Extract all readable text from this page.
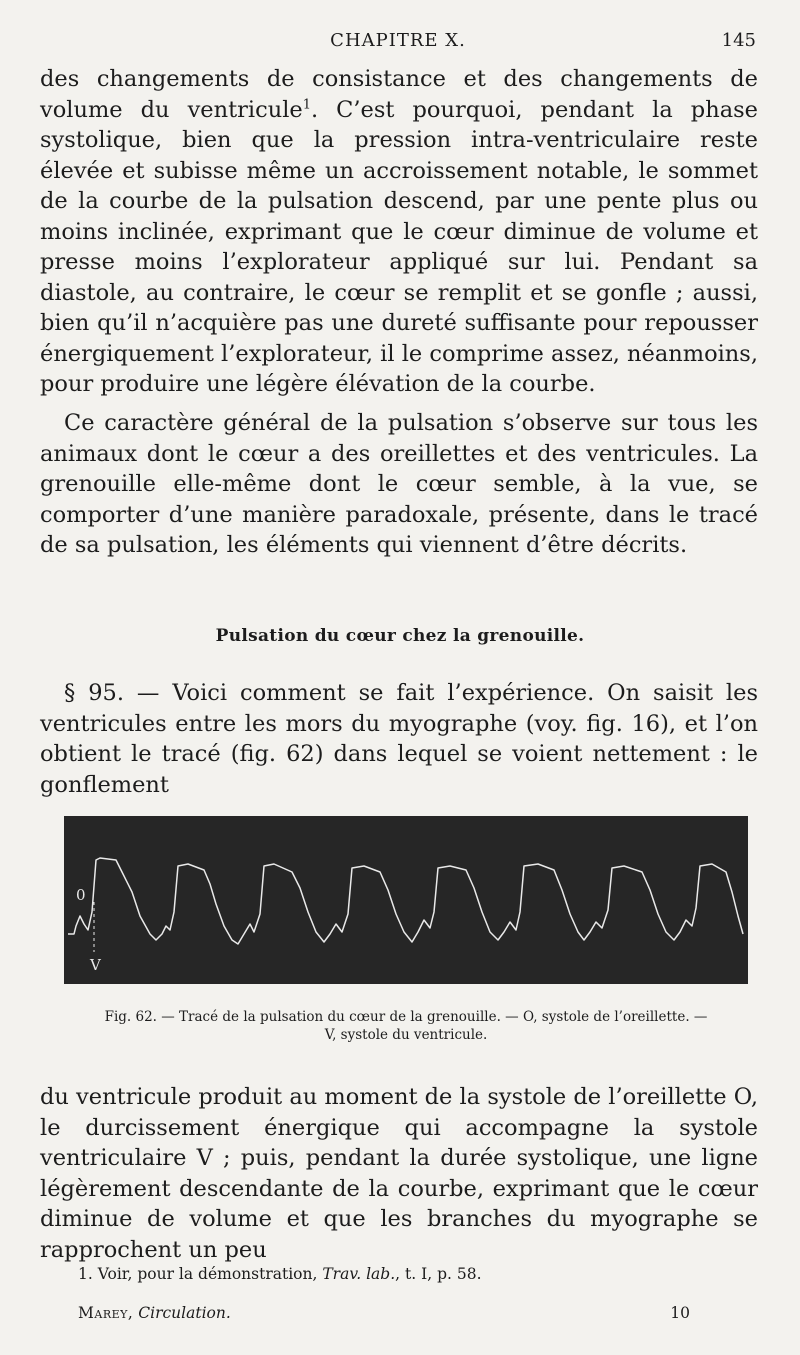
CHAPITRE X.	145

des changements de consistance et des changements de volume du ventricule$^1$. C’est pourquoi, pendant la phase systolique, bien que la pression intra-ventriculaire reste élevée et subisse même un accroissement notable, le sommet de la courbe de la pulsation descend, par une pente plus ou moins inclinée, exprimant que le cœur diminue de volume et presse moins l’explorateur appliqué sur lui. Pendant sa diastole, au contraire, le cœur se remplit et se gonfle ; aussi, bien qu’il n’acquière pas une dureté suffisante pour repousser énergiquement l’explorateur, il le comprime assez, néanmoins, pour produire une légère élévation de la courbe.

Ce caractère général de la pulsation s’observe sur tous les animaux dont le cœur a des oreillettes et des ventricules. La grenouille elle-même dont le cœur semble, à la vue, se comporter d’une manière paradoxale, présente, dans le tracé de sa pulsation, les éléments qui viennent d’être décrits.

Pulsation du cœur chez la grenouille.

§ 95. — Voici comment se fait l’expérience. On saisit les ventricules entre les mors du myographe (voy. fig. 16), et l’on obtient le tracé (fig. 62) dans lequel se voient nettement : le gonflement

0
V
Fig. 62. — Tracé de la pulsation du cœur de la grenouille. — O, systole de l’oreillette. —
V, systole du ventricule.

du ventricule produit au moment de la systole de l’oreillette O, le durcissement énergique qui accompagne la systole ventriculaire V ; puis, pendant la durée systolique, une ligne légèrement descendante de la courbe, exprimant que le cœur diminue de volume et que les branches du myographe se rapprochent un peu

1. Voir, pour la démonstration, Trav. lab., t. I, p. 58.
Marey, Circulation.	10
